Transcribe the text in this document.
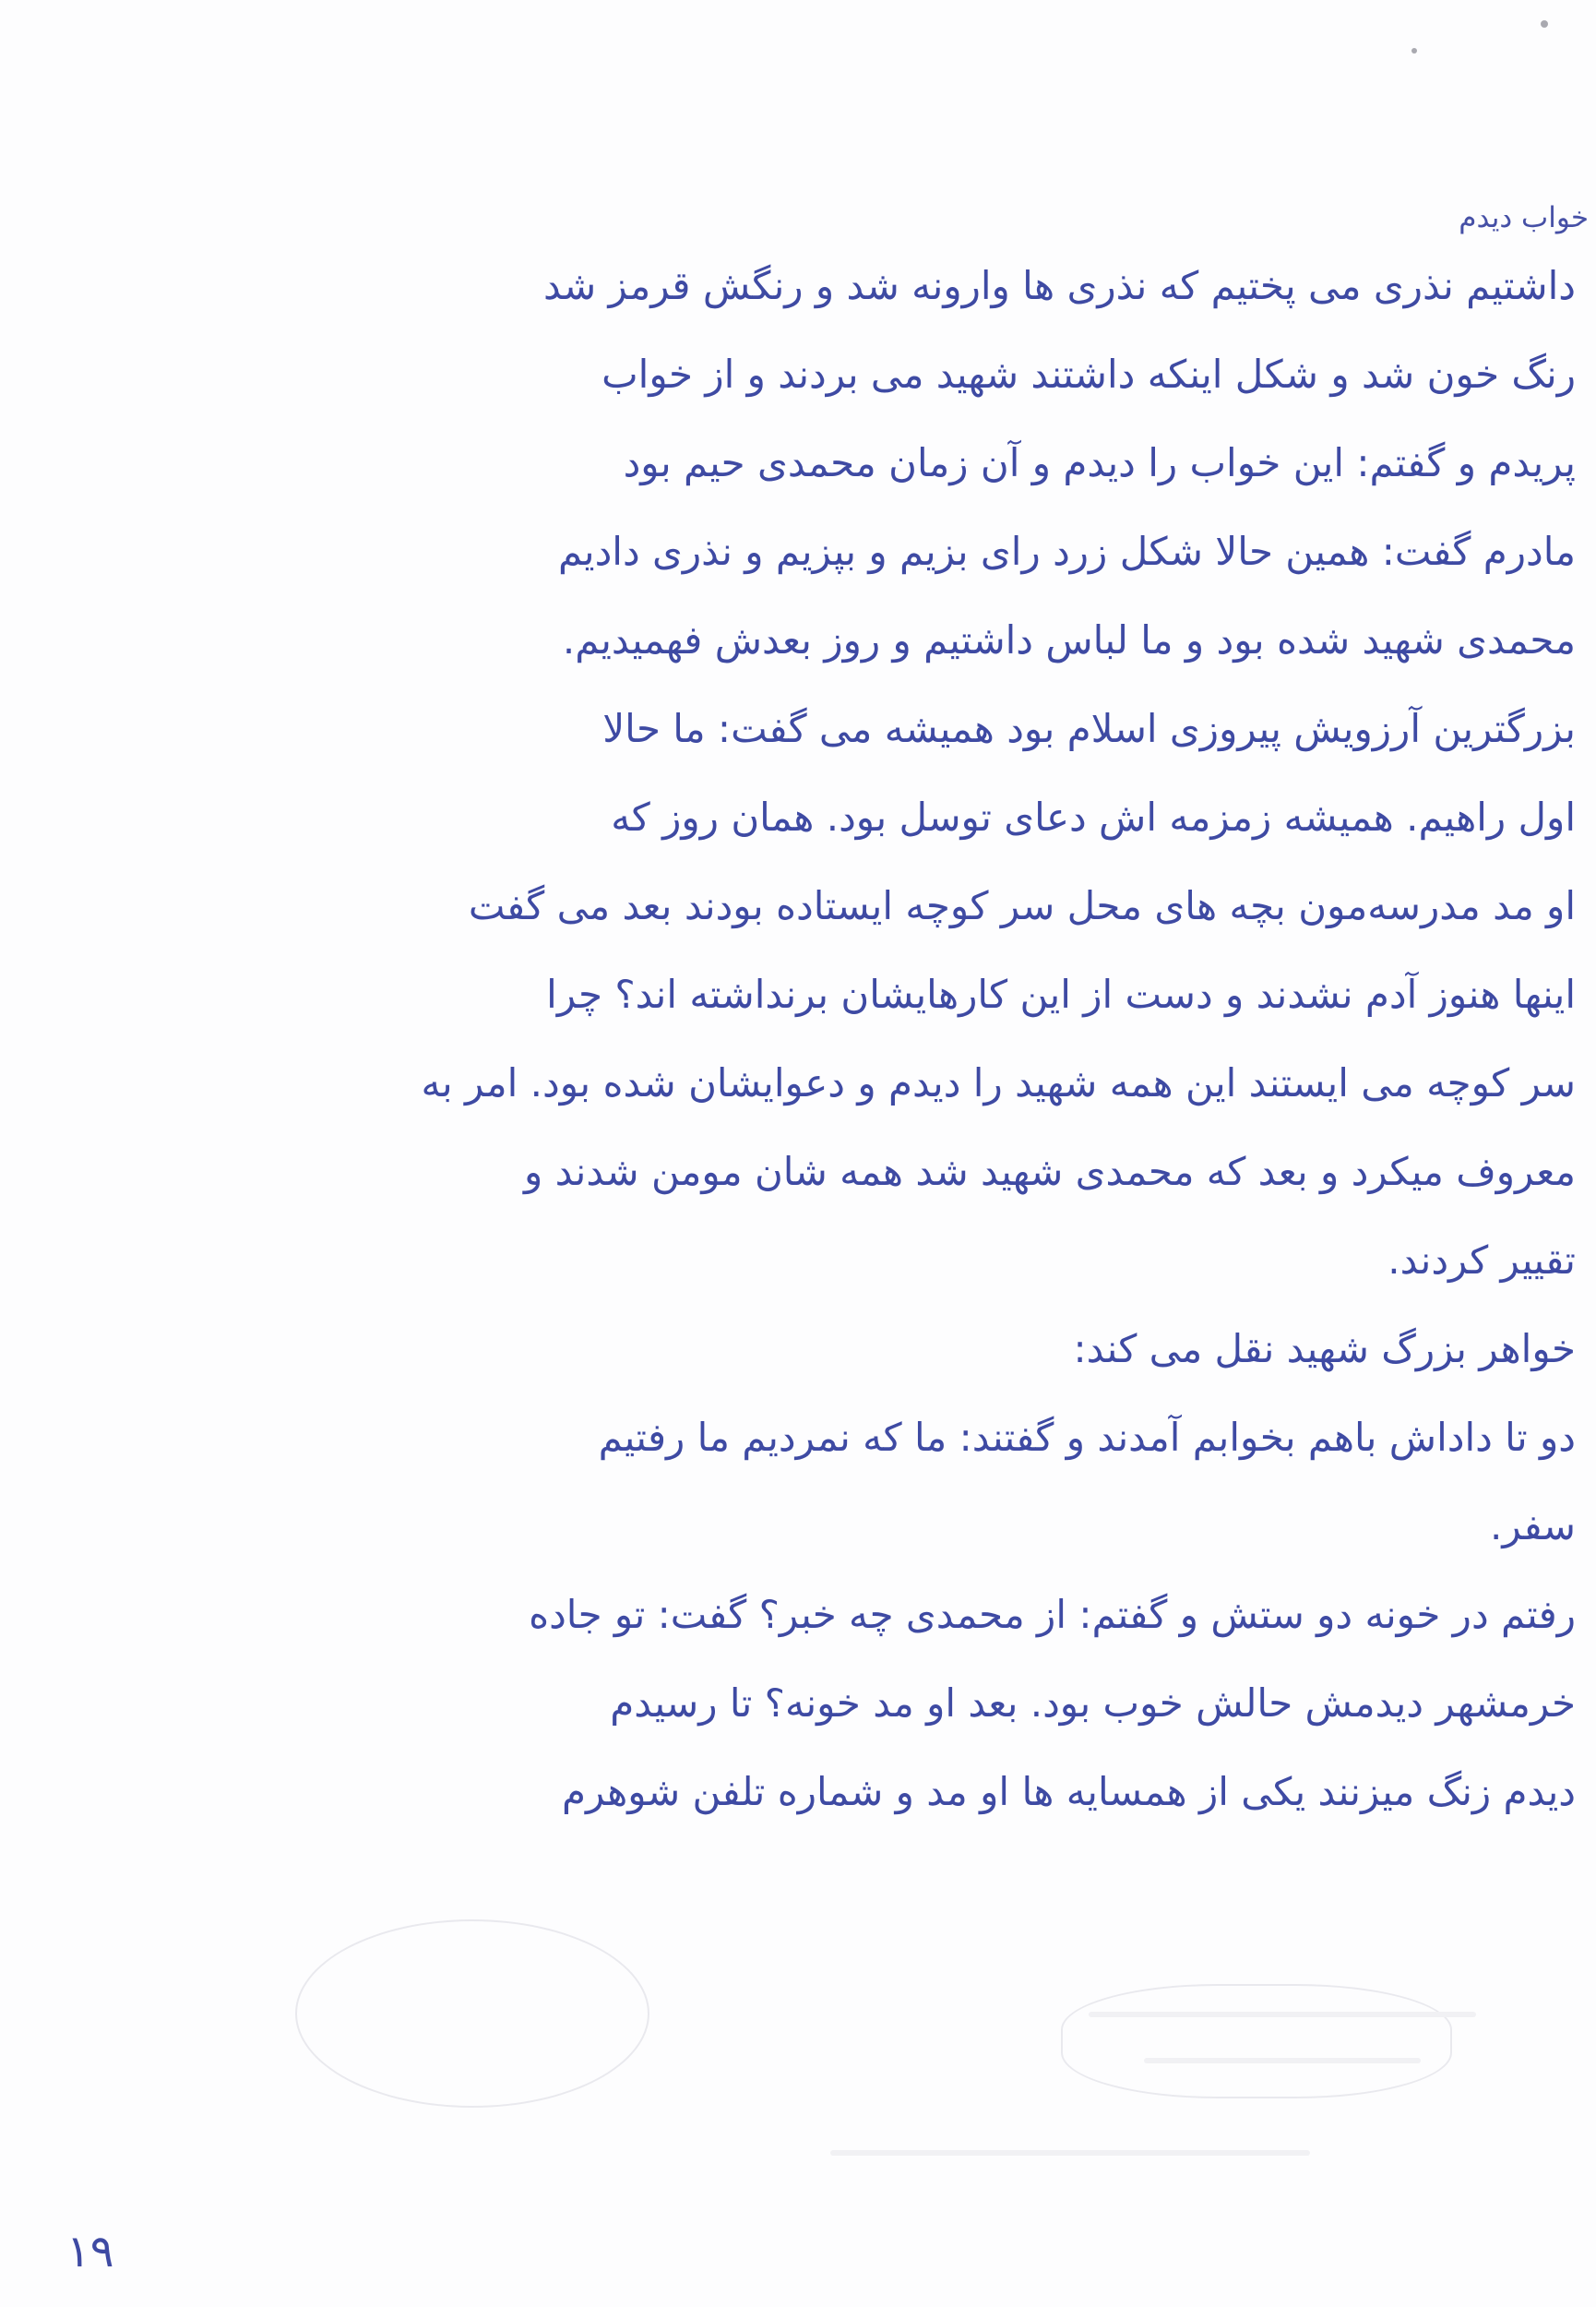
خواب دیدم
داشتیم نذری می پختیم که نذری ها وارونه شد و رنگش قرمز شد
رنگ خون شد و شکل اینکه داشتند شهید می بردند و از خواب
پریدم و گفتم: این خواب را دیدم و آن زمان محمدی حیم بود
مادرم گفت: همین حالا شکل زرد رای بزیم و بپزیم و نذری دادیم
محمدی شهید شده بود و ما لباس داشتیم و روز بعدش فهمیدیم.
بزرگترین آرزویش پیروزی اسلام بود همیشه می گفت: ما حالا
اول راهیم. همیشه زمزمه اش دعای توسل بود. همان روز که
او مد مدرسه‌مون بچه های محل سر کوچه ایستاده بودند بعد می گفت
اینها هنوز آدم نشدند و دست از این کارهایشان برنداشته اند؟ چرا
سر کوچه می ایستند این همه شهید را دیدم و دعوایشان شده بود. امر به
معروف میکرد و بعد که محمدی شهید شد همه شان مومن شدند و
تقییر کردند.
خواهر بزرگ شهید نقل می کند:
دو تا داداش باهم بخوابم آمدند و گفتند: ما که نمردیم ما رفتیم
سفر.
رفتم در خونه دو ستش و گفتم: از محمدی چه خبر؟ گفت: تو جاده
خرمشهر دیدمش حالش خوب بود. بعد او مد خونه؟ تا رسیدم
دیدم زنگ میزنند یکی از همسایه ها او مد و شماره تلفن شوهرم
۱۹
